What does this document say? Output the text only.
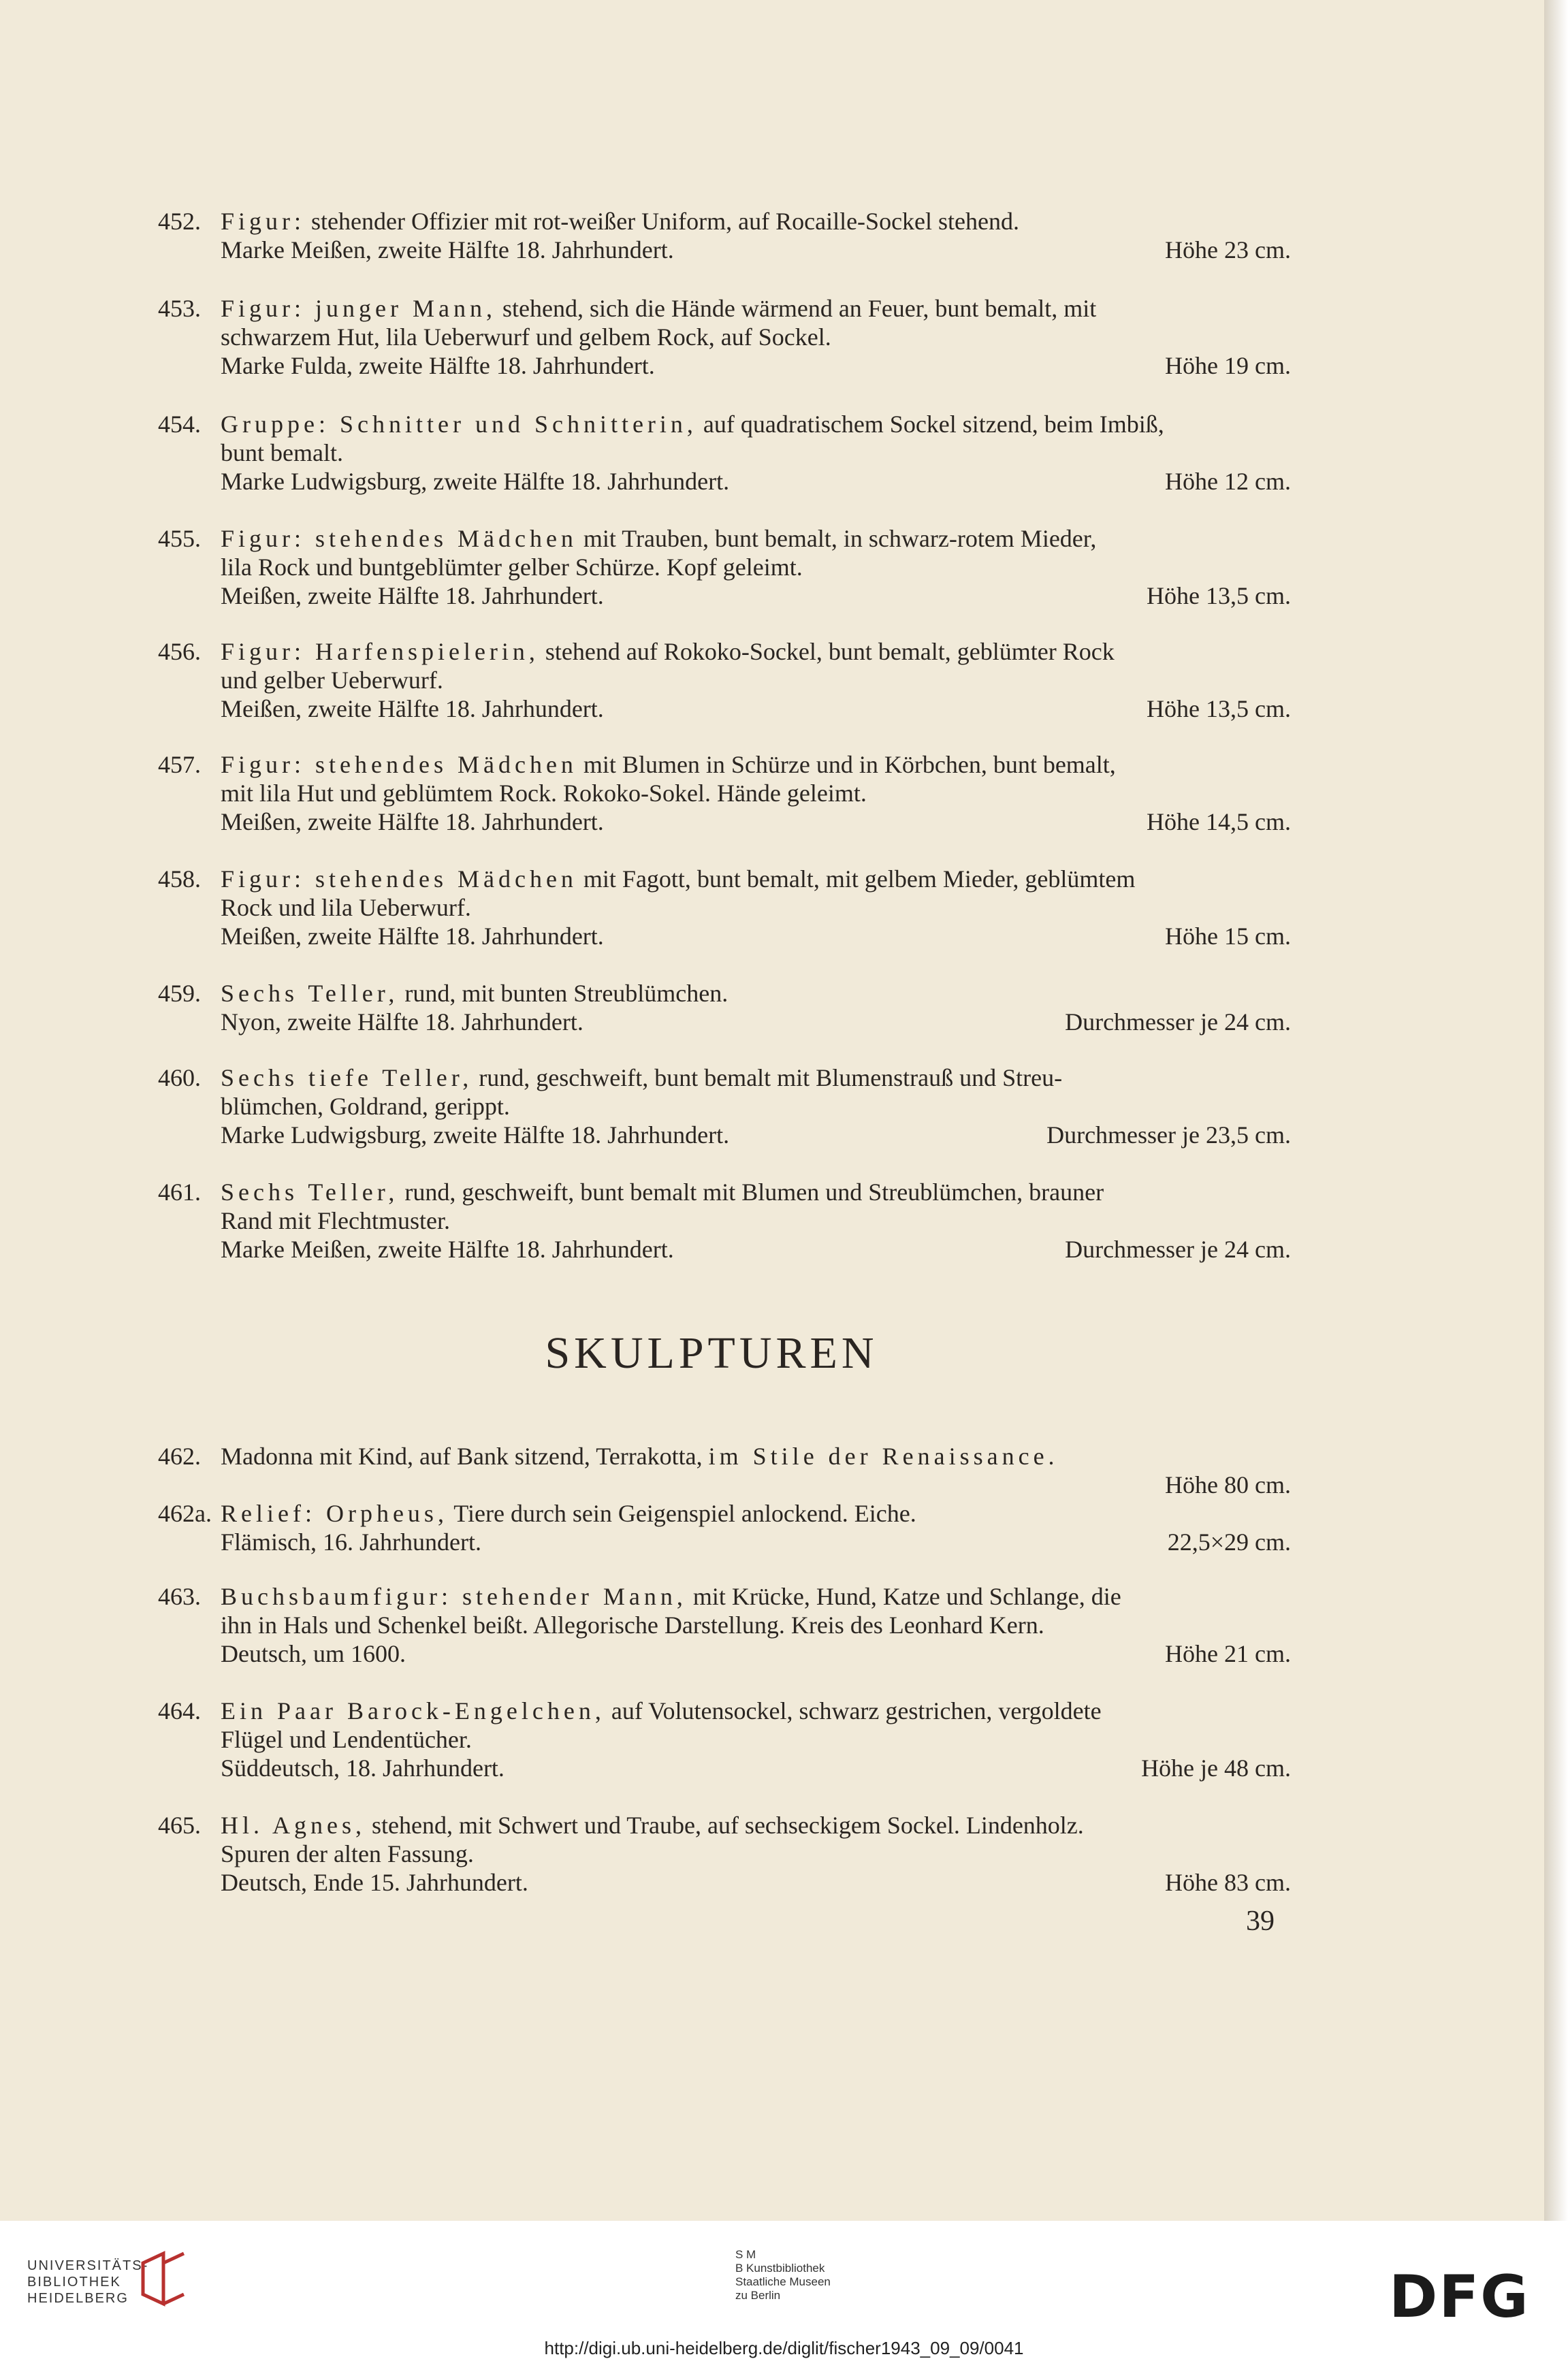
452. Figur: stehender Offizier mit rot-weißer Uniform, auf Rocaille-Sockel stehend.
Marke Meißen, zweite Hälfte 18. Jahrhundert.	Höhe 23 cm.
453. Figur: junger Mann, stehend, sich die Hände wärmend an Feuer, bunt bemalt, mit
schwarzem Hut, lila Ueberwurf und gelbem Rock, auf Sockel.
Marke Fulda, zweite Hälfte 18. Jahrhundert.	Höhe 19 cm.
454. Gruppe: Schnitter und Schnitterin, auf quadratischem Sockel sitzend, beim Imbiß,
bunt bemalt.
Marke Ludwigsburg, zweite Hälfte 18. Jahrhundert.	Höhe 12 cm.
455. Figur: stehendes Mädchen mit Trauben, bunt bemalt, in schwarz-rotem Mieder,
lila Rock und buntgeblümter gelber Schürze. Kopf geleimt.
Meißen, zweite Hälfte 18. Jahrhundert.	Höhe 13,5 cm.
456. Figur: Harfenspielerin, stehend auf Rokoko-Sockel, bunt bemalt, geblümter Rock
und gelber Ueberwurf.
Meißen, zweite Hälfte 18. Jahrhundert.	Höhe 13,5 cm.
457. Figur: stehendes Mädchen mit Blumen in Schürze und in Körbchen, bunt bemalt,
mit lila Hut und geblümtem Rock. Rokoko-Sokel. Hände geleimt.
Meißen, zweite Hälfte 18. Jahrhundert.	Höhe 14,5 cm.
458. Figur: stehendes Mädchen mit Fagott, bunt bemalt, mit gelbem Mieder, geblümtem
Rock und lila Ueberwurf.
Meißen, zweite Hälfte 18. Jahrhundert.	Höhe 15 cm.
459. Sechs Teller, rund, mit bunten Streublümchen.
Nyon, zweite Hälfte 18. Jahrhundert.	Durchmesser je 24 cm.
460. Sechs tiefe Teller, rund, geschweift, bunt bemalt mit Blumenstrauß und Streu-
blümchen, Goldrand, gerippt.
Marke Ludwigsburg, zweite Hälfte 18. Jahrhundert.	Durchmesser je 23,5 cm.
461. Sechs Teller, rund, geschweift, bunt bemalt mit Blumen und Streublümchen, brauner
Rand mit Flechtmuster.
Marke Meißen, zweite Hälfte 18. Jahrhundert.	Durchmesser je 24 cm.
462. Madonna mit Kind, auf Bank sitzend, Terrakotta, im Stile der Renaissance.
Höhe 80 cm.
462a. Relief: Orpheus, Tiere durch sein Geigenspiel anlockend. Eiche.
Flämisch, 16. Jahrhundert.	22,5×29 cm.
463. Buchsbaumfigur: stehender Mann, mit Krücke, Hund, Katze und Schlange, die
ihn in Hals und Schenkel beißt. Allegorische Darstellung. Kreis des Leonhard Kern.
Deutsch, um 1600.	Höhe 21 cm.
464. Ein Paar Barock-Engelchen, auf Volutensockel, schwarz gestrichen, vergoldete
Flügel und Lendentücher.
Süddeutsch, 18. Jahrhundert.	Höhe je 48 cm.
465. Hl. Agnes, stehend, mit Schwert und Traube, auf sechseckigem Sockel. Lindenholz.
Spuren der alten Fassung.
Deutsch, Ende 15. Jahrhundert.	Höhe 83 cm.
SKULPTUREN
39
UNIVERSITÄTS-
BIBLIOTHEK
HEIDELBERG
S M
B Kunstbibliothek
Staatliche Museen
zu Berlin	DFG
http://digi.ub.uni-heidelberg.de/diglit/fischer1943_09_09/0041
